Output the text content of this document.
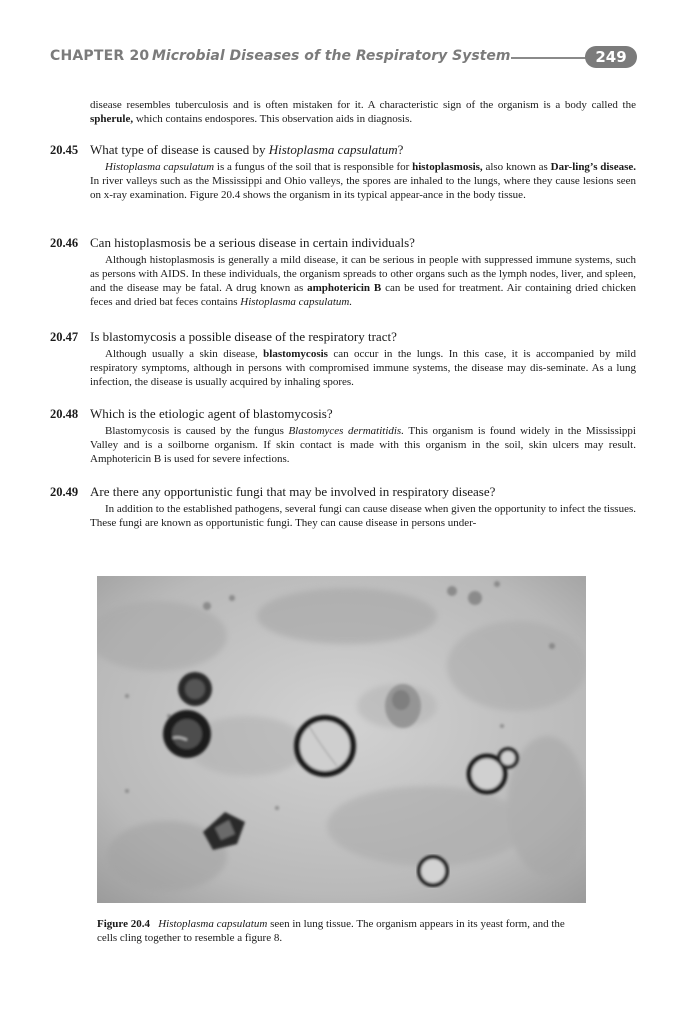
CHAPTER 20 Microbial Diseases of the Respiratory System	249
disease resembles tuberculosis and is often mistaken for it. A characteristic sign of the organism is a body called the spherule, which contains endospores. This observation aids in diagnosis.
20.45 What type of disease is caused by Histoplasma capsulatum?
Histoplasma capsulatum is a fungus of the soil that is responsible for histoplasmosis, also known as Dar-ling’s disease. In river valleys such as the Mississippi and Ohio valleys, the spores are inhaled to the lungs, where they cause lesions seen on x-ray examination. Figure 20.4 shows the organism in its typical appear-ance in the body tissue.
20.46 Can histoplasmosis be a serious disease in certain individuals?
Although histoplasmosis is generally a mild disease, it can be serious in people with suppressed immune systems, such as persons with AIDS. In these individuals, the organism spreads to other organs such as the lymph nodes, liver, and spleen, and the disease may be fatal. A drug known as amphotericin B can be used for treatment. Air containing dried chicken feces and dried bat feces contains Histoplasma capsulatum.
20.47 Is blastomycosis a possible disease of the respiratory tract?
Although usually a skin disease, blastomycosis can occur in the lungs. In this case, it is accompanied by mild respiratory symptoms, although in persons with compromised immune systems, the disease may dis-seminate. As a lung infection, the disease is usually acquired by inhaling spores.
20.48 Which is the etiologic agent of blastomycosis?
Blastomycosis is caused by the fungus Blastomyces dermatitidis. This organism is found widely in the Mississippi Valley and is a soilborne organism. If skin contact is made with this organism in the soil, skin ulcers may result. Amphotericin B is used for severe infections.
20.49 Are there any opportunistic fungi that may be involved in respiratory disease?
In addition to the established pathogens, several fungi can cause disease when given the opportunity to infect the tissues. These fungi are known as opportunistic fungi. They can cause disease in persons under-
Figure 20.4 Histoplasma capsulatum seen in lung tissue. The organism appears in its yeast form, and the cells cling together to resemble a figure 8.
